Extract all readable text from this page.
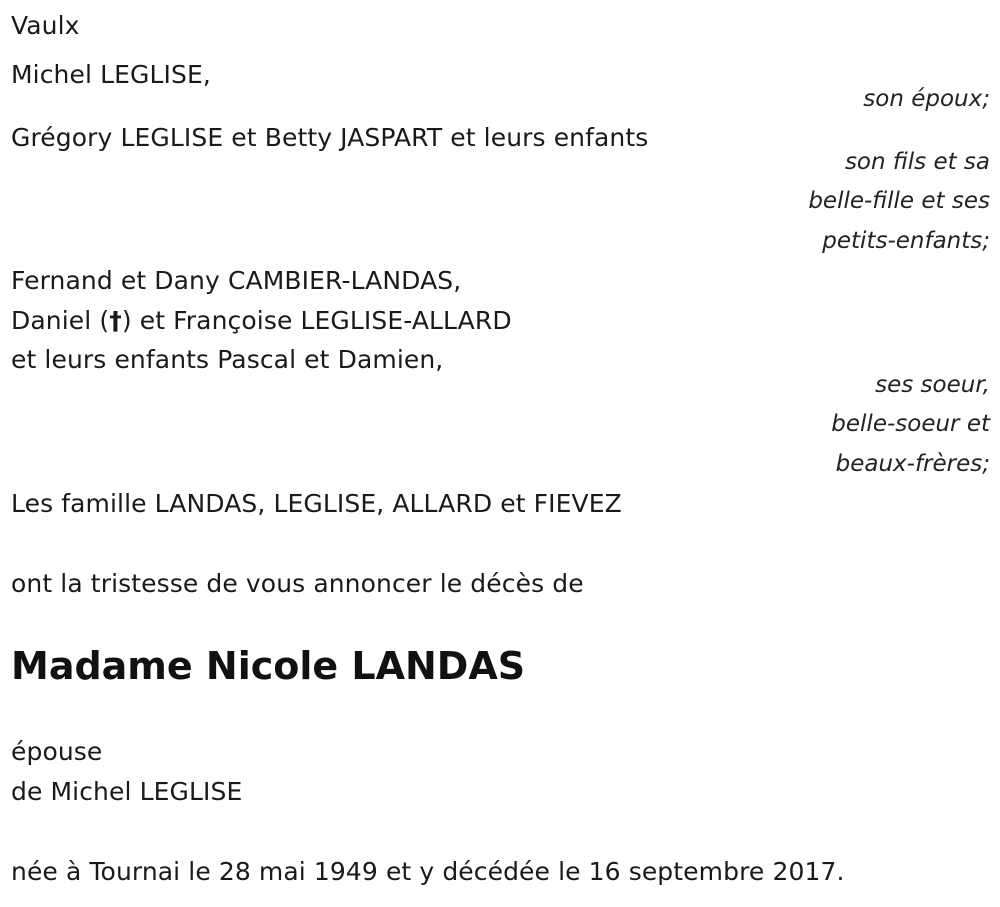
Vaulx
Michel LEGLISE,
son époux;
Grégory LEGLISE et Betty JASPART et leurs enfants
son fils et sa
belle-fille et ses
petits-enfants;
Fernand et Dany CAMBIER-LANDAS,
Daniel (†) et Françoise LEGLISE-ALLARD
et leurs enfants Pascal et Damien,
ses soeur,
belle-soeur et
beaux-frères;
Les famille LANDAS, LEGLISE, ALLARD et FIEVEZ
ont la tristesse de vous annoncer le décès de
Madame Nicole LANDAS
épouse
de Michel LEGLISE
née à Tournai le 28 mai 1949 et y décédée le 16 septembre 2017.
